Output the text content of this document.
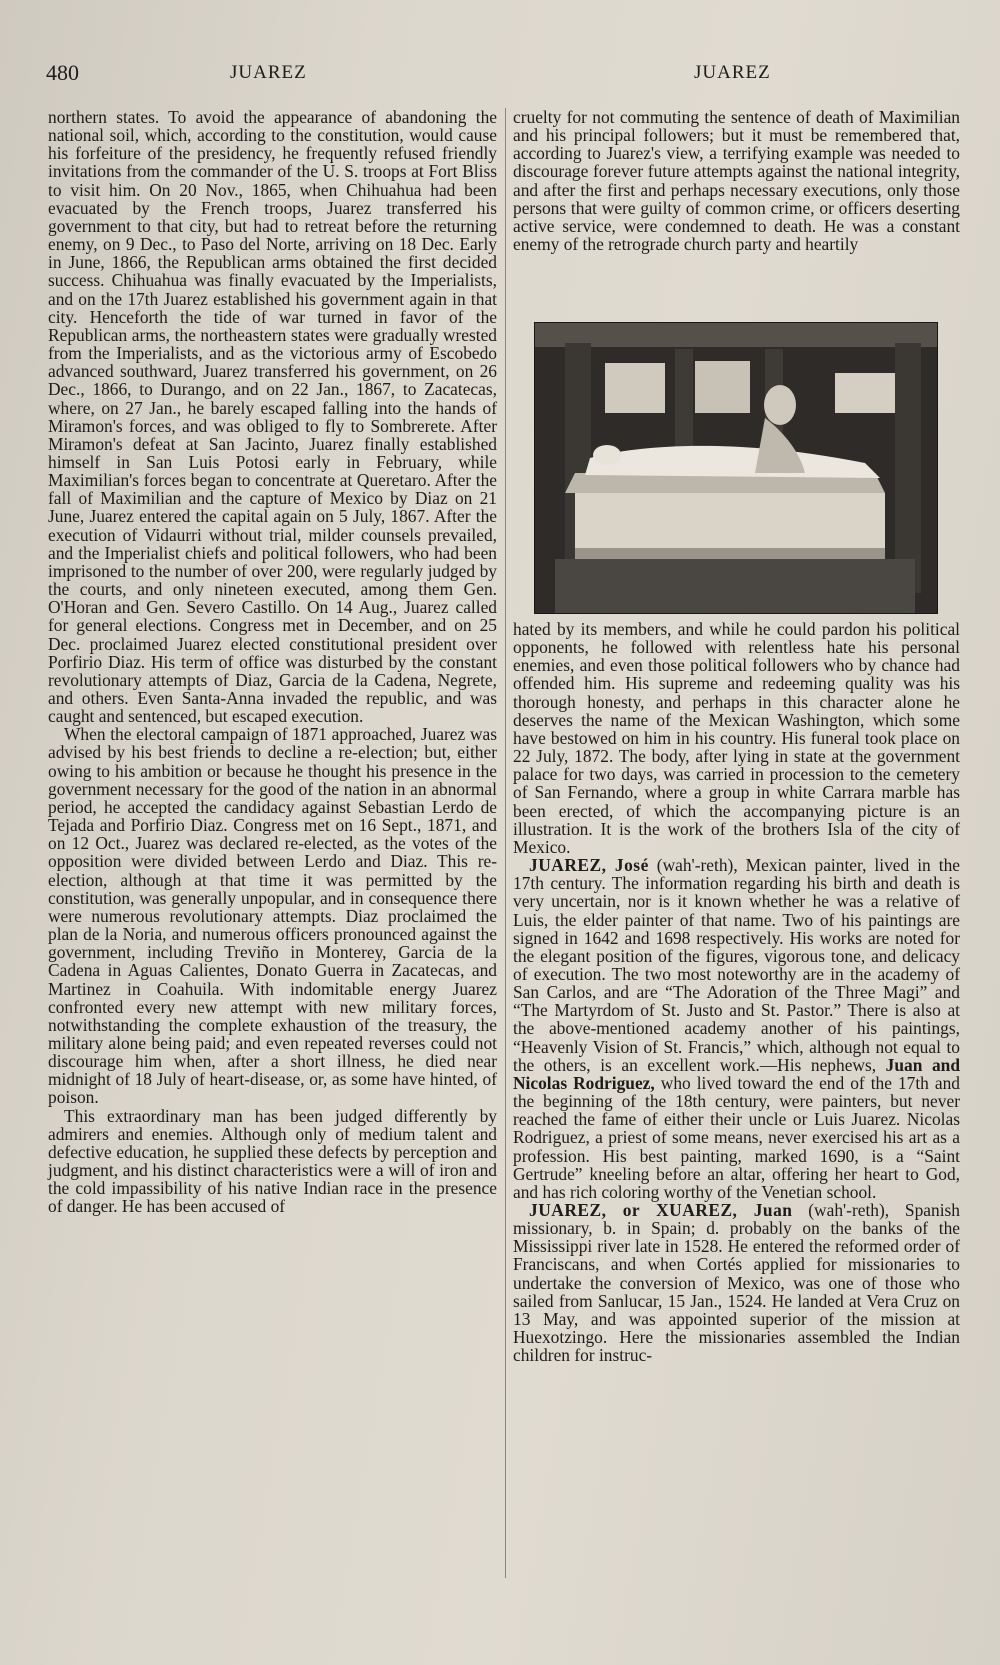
480	JUAREZ	JUAREZ

northern states. To avoid the appearance of abandoning the national soil, which, according to the constitution, would cause his forfeiture of the presidency, he frequently refused friendly invitations from the commander of the U. S. troops at Fort Bliss to visit him. On 20 Nov., 1865, when Chihuahua had been evacuated by the French troops, Juarez transferred his government to that city, but had to retreat before the returning enemy, on 9 Dec., to Paso del Norte, arriving on 18 Dec. Early in June, 1866, the Republican arms obtained the first decided success. Chihuahua was finally evacuated by the Imperialists, and on the 17th Juarez established his government again in that city. Henceforth the tide of war turned in favor of the Republican arms, the northeastern states were gradually wrested from the Imperialists, and as the victorious army of Escobedo advanced southward, Juarez transferred his government, on 26 Dec., 1866, to Durango, and on 22 Jan., 1867, to Zacatecas, where, on 27 Jan., he barely escaped falling into the hands of Miramon's forces, and was obliged to fly to Sombrerete. After Miramon's defeat at San Jacinto, Juarez finally established himself in San Luis Potosi early in February, while Maximilian's forces began to concentrate at Queretaro. After the fall of Maximilian and the capture of Mexico by Diaz on 21 June, Juarez entered the capital again on 5 July, 1867. After the execution of Vidaurri without trial, milder counsels prevailed, and the Imperialist chiefs and political followers, who had been imprisoned to the number of over 200, were regularly judged by the courts, and only nineteen executed, among them Gen. O'Horan and Gen. Severo Castillo. On 14 Aug., Juarez called for general elections. Congress met in December, and on 25 Dec. proclaimed Juarez elected constitutional president over Porfirio Diaz. His term of office was disturbed by the constant revolutionary attempts of Diaz, Garcia de la Cadena, Negrete, and others. Even Santa-Anna invaded the republic, and was caught and sentenced, but escaped execution.

When the electoral campaign of 1871 approached, Juarez was advised by his best friends to decline a re-election; but, either owing to his ambition or because he thought his presence in the government necessary for the good of the nation in an abnormal period, he accepted the candidacy against Sebastian Lerdo de Tejada and Porfirio Diaz. Congress met on 16 Sept., 1871, and on 12 Oct., Juarez was declared re-elected, as the votes of the opposition were divided between Lerdo and Diaz. This re-election, although at that time it was permitted by the constitution, was generally unpopular, and in consequence there were numerous revolutionary attempts. Diaz proclaimed the plan de la Noria, and numerous officers pronounced against the government, including Treviño in Monterey, Garcia de la Cadena in Aguas Calientes, Donato Guerra in Zacatecas, and Martinez in Coahuila. With indomitable energy Juarez confronted every new attempt with new military forces, notwithstanding the complete exhaustion of the treasury, the military alone being paid; and even repeated reverses could not discourage him when, after a short illness, he died near midnight of 18 July of heart-disease, or, as some have hinted, of poison.

This extraordinary man has been judged differently by admirers and enemies. Although only of medium talent and defective education, he supplied these defects by perception and judgment, and his distinct characteristics were a will of iron and the cold impassibility of his native Indian race in the presence of danger. He has been accused of

cruelty for not commuting the sentence of death of Maximilian and his principal followers; but it must be remembered that, according to Juarez's view, a terrifying example was needed to discourage forever future attempts against the national integrity, and after the first and perhaps necessary executions, only those persons that were guilty of common crime, or officers deserting active service, were condemned to death. He was a constant enemy of the retrograde church party and heartily

hated by its members, and while he could pardon his political opponents, he followed with relentless hate his personal enemies, and even those political followers who by chance had offended him. His supreme and redeeming quality was his thorough honesty, and perhaps in this character alone he deserves the name of the Mexican Washington, which some have bestowed on him in his country. His funeral took place on 22 July, 1872. The body, after lying in state at the government palace for two days, was carried in procession to the cemetery of San Fernando, where a group in white Carrara marble has been erected, of which the accompanying picture is an illustration. It is the work of the brothers Isla of the city of Mexico.

JUAREZ, José (wah'-reth), Mexican painter, lived in the 17th century. The information regarding his birth and death is very uncertain, nor is it known whether he was a relative of Luis, the elder painter of that name. Two of his paintings are signed in 1642 and 1698 respectively. His works are noted for the elegant position of the figures, vigorous tone, and delicacy of execution. The two most noteworthy are in the academy of San Carlos, and are “The Adoration of the Three Magi” and “The Martyrdom of St. Justo and St. Pastor.” There is also at the above-mentioned academy another of his paintings, “Heavenly Vision of St. Francis,” which, although not equal to the others, is an excellent work.—His nephews, Juan and Nicolas Rodriguez, who lived toward the end of the 17th and the beginning of the 18th century, were painters, but never reached the fame of either their uncle or Luis Juarez. Nicolas Rodriguez, a priest of some means, never exercised his art as a profession. His best painting, marked 1690, is a “Saint Gertrude” kneeling before an altar, offering her heart to God, and has rich coloring worthy of the Venetian school.

JUAREZ, or XUAREZ, Juan (wah'-reth), Spanish missionary, b. in Spain; d. probably on the banks of the Mississippi river late in 1528. He entered the reformed order of Franciscans, and when Cortés applied for missionaries to undertake the conversion of Mexico, was one of those who sailed from Sanlucar, 15 Jan., 1524. He landed at Vera Cruz on 13 May, and was appointed superior of the mission at Huexotzingo. Here the missionaries assembled the Indian children for instruc-
